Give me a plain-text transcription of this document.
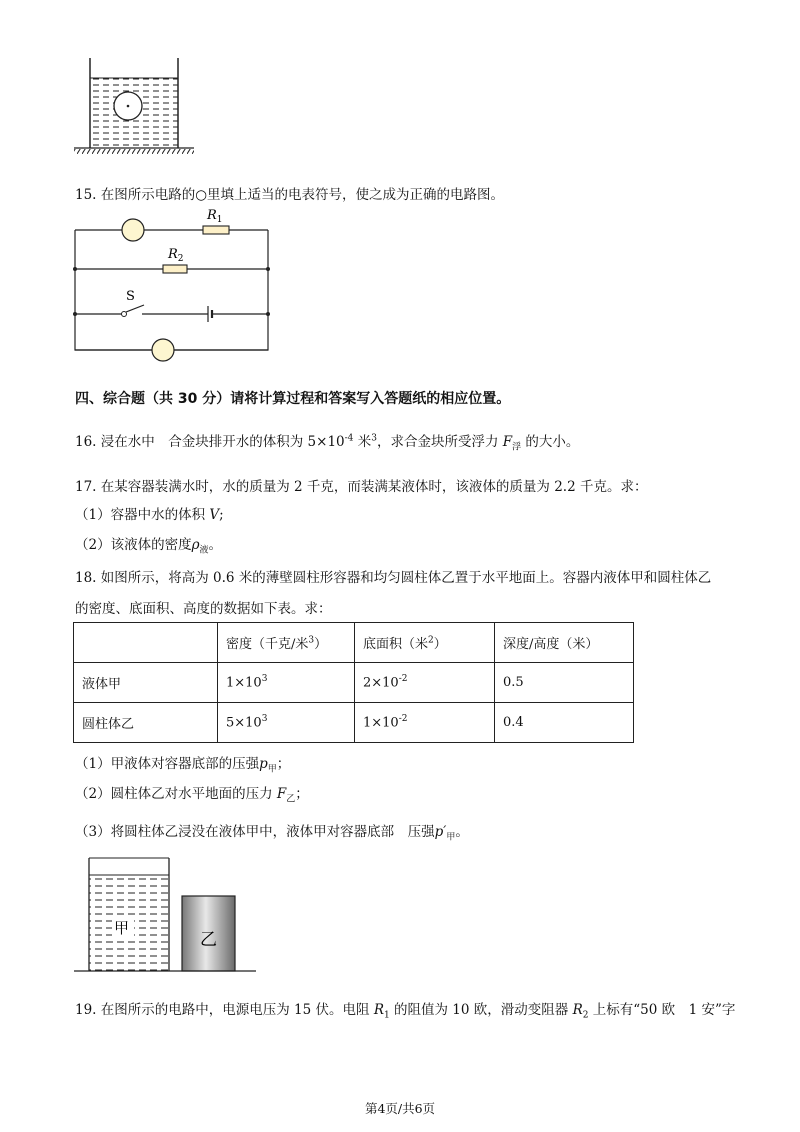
15. 在图所示电路的○里填上适当的电表符号，使之成为正确的电路图。
$R_1$
$R_2$
S
四、综合题（共 30 分）请将计算过程和答案写入答题纸的相应位置。
16. 浸在水中　合金块排开水的体积为 $5\times 10^{-4}$ 米$^3$，求合金块所受浮力 $F_浮$ 的大小。
17. 在某容器装满水时，水的质量为 2 千克，而装满某液体时，该液体的质量为 2.2 千克。求：
（1）容器中水的体积 V;
（2）该液体的密度$\rho_液$。
18. 如图所示，将高为 0.6 米的薄壁圆柱形容器和均匀圆柱体乙置于水平地面上。容器内液体甲和圆柱体乙
的密度、底面积、高度的数据如下表。求：
	密度（千克/米$^3$）	底面积（米$^2$）	深度/高度（米）
液体甲	$1\times 10^3$	$2\times 10^{-2}$	0.5
圆柱体乙	$5\times 10^3$	$1\times 10^{-2}$	0.4
（1）甲液体对容器底部的压强$p_甲$；
（2）圆柱体乙对水平地面的压力 $F_乙$；
（3）将圆柱体乙浸没在液体甲中，液体甲对容器底部　压强$p'_甲$。
甲
乙
19. 在图所示的电路中，电源电压为 15 伏。电阻 $R_1$ 的阻值为 10 欧，滑动变阻器 $R_2$ 上标有“50 欧　1 安”字
第4页/共6页
